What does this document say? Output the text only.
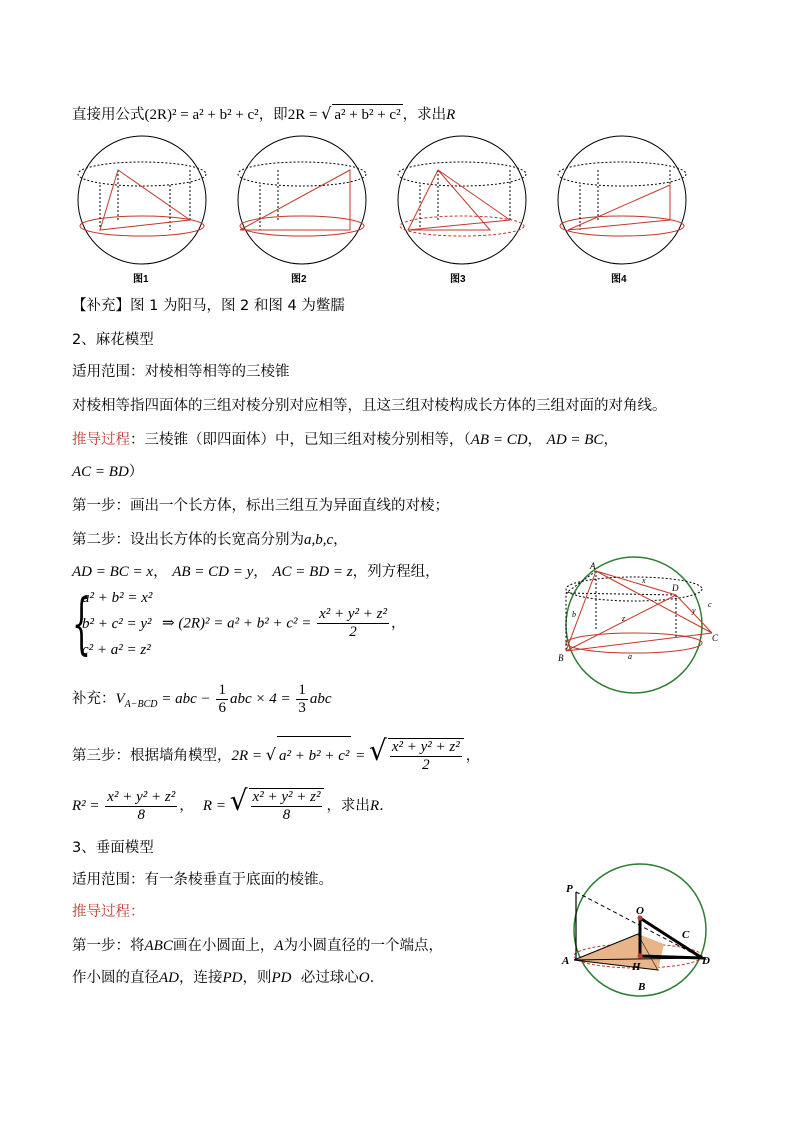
直接用公式(2R)² = a² + b² + c²，即2R = √ a² + b² + c² ，求出R
图1	图2	图3	图4
【补充】图 1 为阳马，图 2 和图 4 为鳖臑
2、麻花模型
适用范围：对棱相等相等的三棱锥
对棱相等指四面体的三组对棱分别对应相等，且这三组对棱构成长方体的三组对面的对角线。
推导过程：三棱锥（即四面体）中，已知三组对棱分别相等，（AB = CD， AD = BC，
AC = BD）
第一步：画出一个长方体，标出三组互为异面直线的对棱；
第二步：设出长方体的长宽高分别为a,b,c，
AD = BC = x， AB = CD = y， AC = BD = z，列方程组，
{
a² + b² = x²
b² + c² = y²
c² + a² = z²
⇒ $(2R)^2 = a^2 + b^2 + c^2 = \frac{\text{x² + y² + z²}}{2}$ ，
补充：$V_{A-BCD}$ = abc − $\frac{1}{6}$ abc × $4 = \frac{1}{3}$ abc
第三步：根据墙角模型，2R = √ a² + b² + c² = √ $\frac{\text{x² + y² + z²}}{2}$ ，
$R^2 = \frac{\text{x² + y² + z²}}{8}$ ， R = √ $\frac{\text{x² + y² + z²}}{8}$ ，求出R.
A
B
C
D
x
y
z
a
b
c
3、垂面模型
适用范围：有一条棱垂直于底面的棱锥。
推导过程：
第一步：将ABC画在小圆面上，A为小圆直径的一个端点，
作小圆的直径AD，连接PD，则PD 必过球心O.
P
O
C
A	H	D
B
